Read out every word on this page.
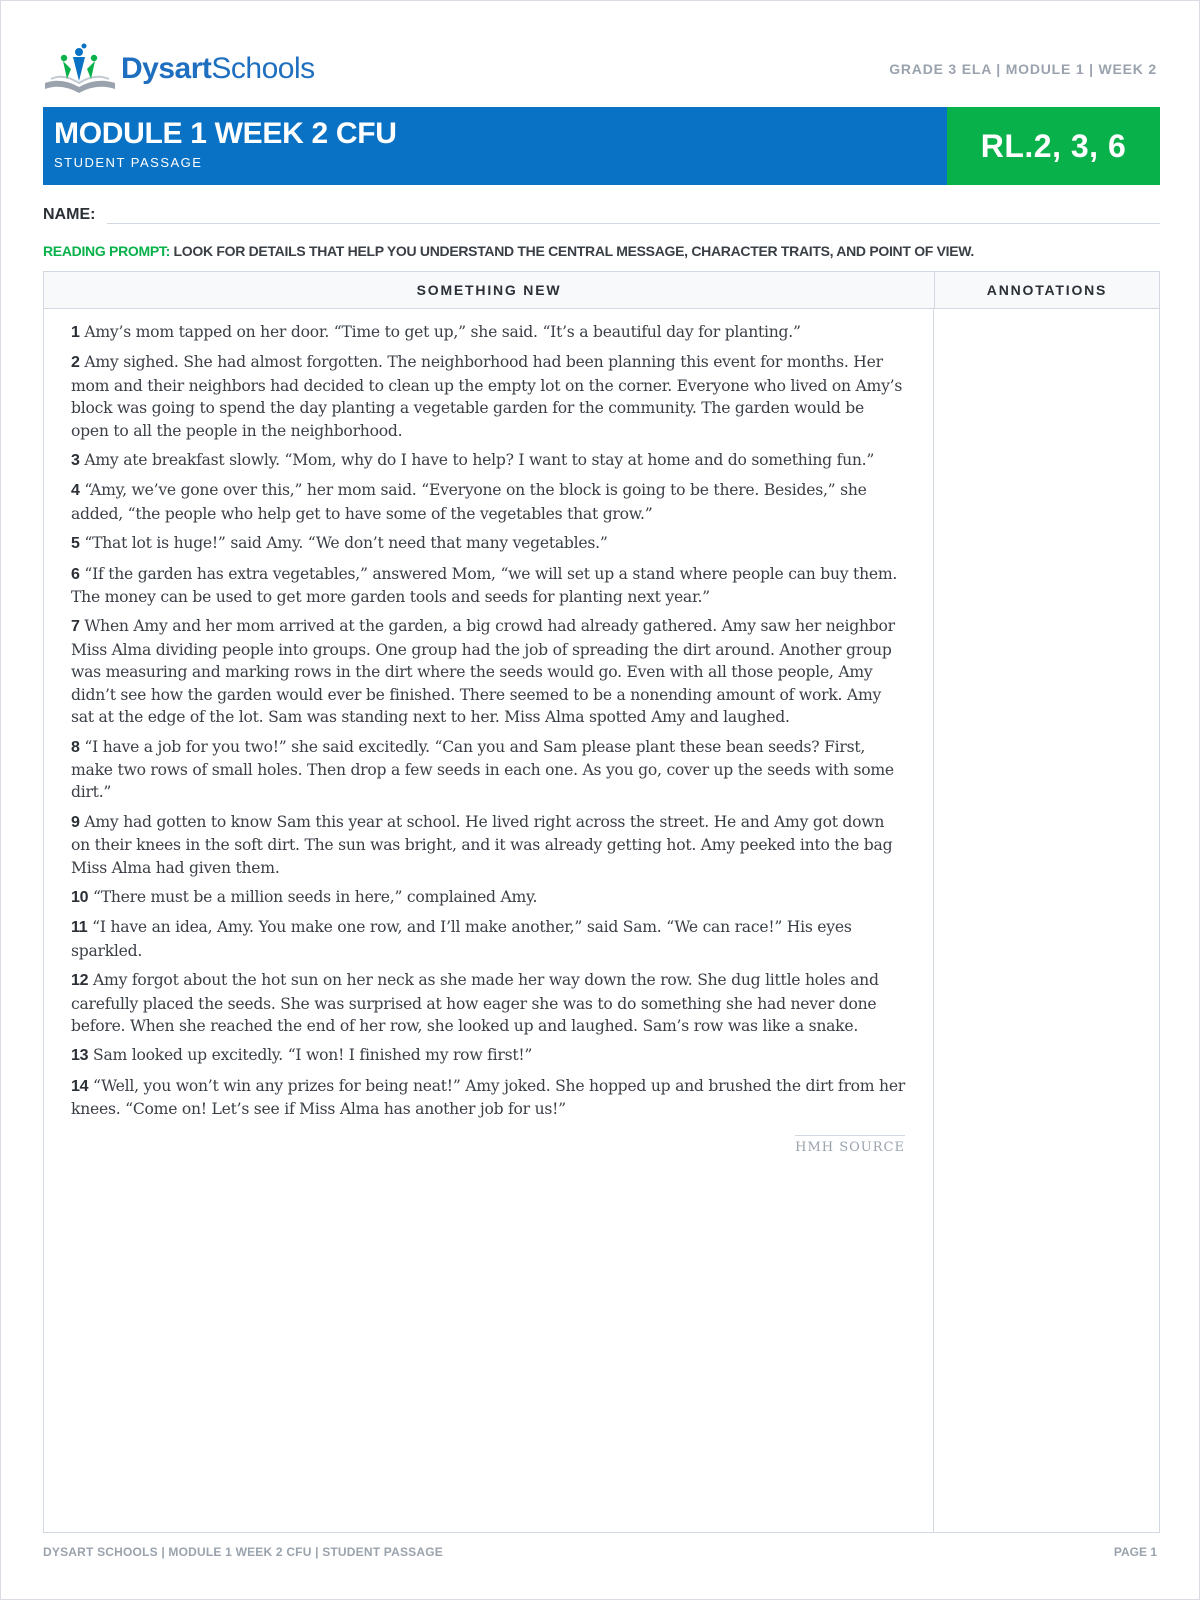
DysartSchools	GRADE 3 ELA | MODULE 1 | WEEK 2
MODULE 1 WEEK 2 CFU
STUDENT PASSAGE	RL.2, 3, 6
NAME:
READING PROMPT: LOOK FOR DETAILS THAT HELP YOU UNDERSTAND THE CENTRAL MESSAGE, CHARACTER TRAITS, AND POINT OF VIEW.
SOMETHING NEW	ANNOTATIONS

1 Amy’s mom tapped on her door. “Time to get up,” she said. “It’s a beautiful day for planting.”

2 Amy sighed. She had almost forgotten. The neighborhood had been planning this event for months. Her mom and their neighbors had decided to clean up the empty lot on the corner. Everyone who lived on Amy’s block was going to spend the day planting a vegetable garden for the community. The garden would be open to all the people in the neighborhood.

3 Amy ate breakfast slowly. “Mom, why do I have to help? I want to stay at home and do something fun.”

4 “Amy, we’ve gone over this,” her mom said. “Everyone on the block is going to be there. Besides,” she added, “the people who help get to have some of the vegetables that grow.”

5 “That lot is huge!” said Amy. “We don’t need that many vegetables.”

6 “If the garden has extra vegetables,” answered Mom, “we will set up a stand where people can buy them. The money can be used to get more garden tools and seeds for planting next year.”

7 When Amy and her mom arrived at the garden, a big crowd had already gathered. Amy saw her neighbor Miss Alma dividing people into groups. One group had the job of spreading the dirt around. Another group was measuring and marking rows in the dirt where the seeds would go. Even with all those people, Amy didn’t see how the garden would ever be finished. There seemed to be a nonending amount of work. Amy sat at the edge of the lot. Sam was standing next to her. Miss Alma spotted Amy and laughed.

8 “I have a job for you two!” she said excitedly. “Can you and Sam please plant these bean seeds? First, make two rows of small holes. Then drop a few seeds in each one. As you go, cover up the seeds with some dirt.”

9 Amy had gotten to know Sam this year at school. He lived right across the street. He and Amy got down on their knees in the soft dirt. The sun was bright, and it was already getting hot. Amy peeked into the bag Miss Alma had given them.

10 “There must be a million seeds in here,” complained Amy.

11 “I have an idea, Amy. You make one row, and I’ll make another,” said Sam. “We can race!” His eyes sparkled.

12 Amy forgot about the hot sun on her neck as she made her way down the row. She dug little holes and carefully placed the seeds. She was surprised at how eager she was to do something she had never done before. When she reached the end of her row, she looked up and laughed. Sam’s row was like a snake.

13 Sam looked up excitedly. “I won! I finished my row first!”

14 “Well, you won’t win any prizes for being neat!” Amy joked. She hopped up and brushed the dirt from her knees. “Come on! Let’s see if Miss Alma has another job for us!”

HMH SOURCE
DYSART SCHOOLS | MODULE 1 WEEK 2 CFU | STUDENT PASSAGE	PAGE 1
